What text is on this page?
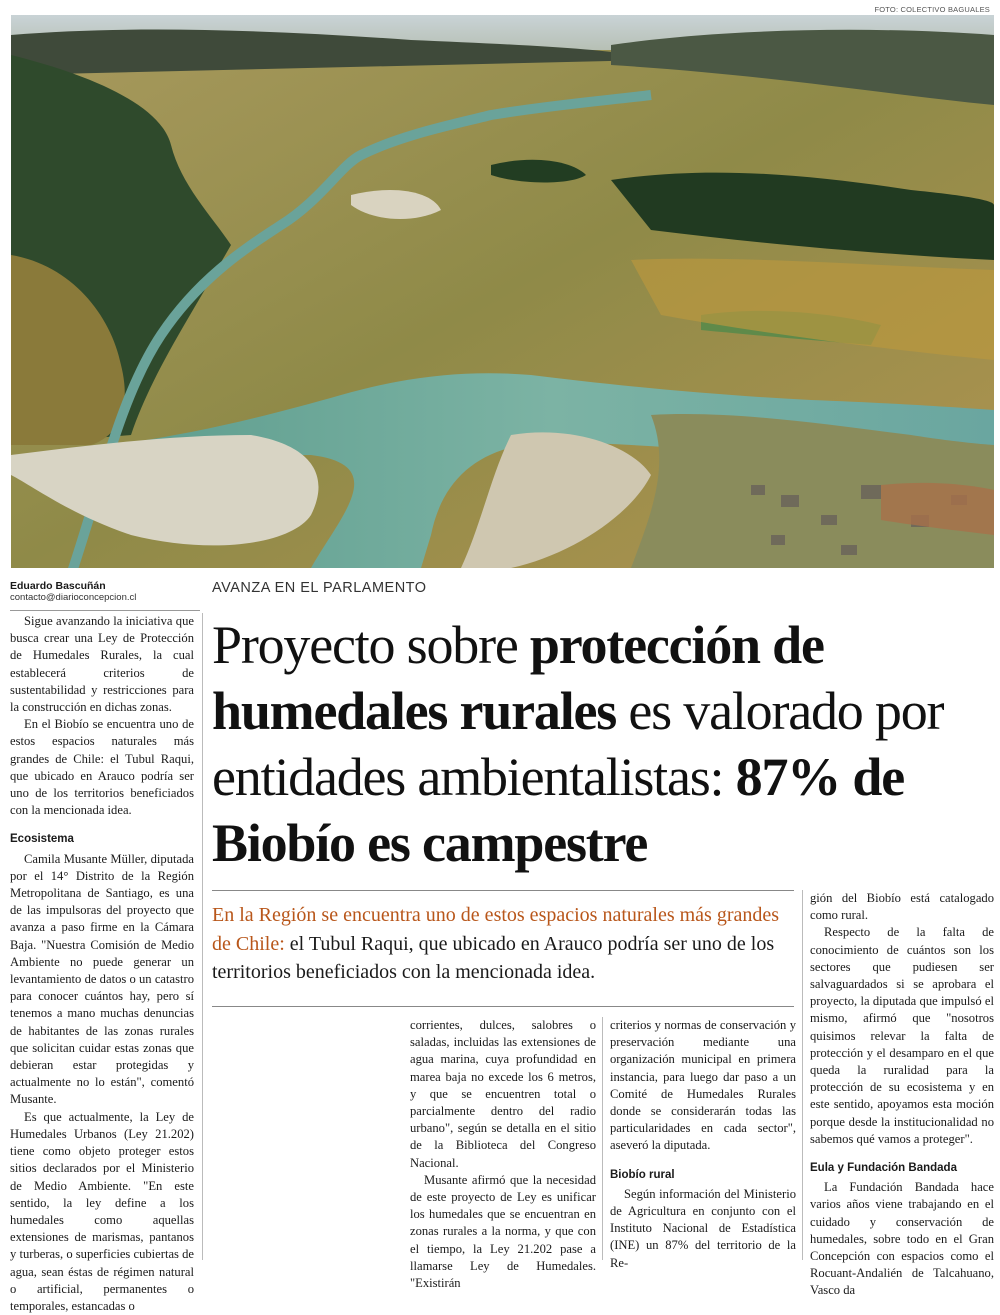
FOTO: COLECTIVO BAGUALES
Eduardo Bascuñán
contacto@diarioconcepcion.cl
AVANZA EN EL PARLAMENTO
Proyecto sobre protección de humedales rurales es valorado por entidades ambientalistas: 87% de Biobío es campestre

Sigue avanzando la iniciativa que busca crear una Ley de Protección de Humedales Rurales, la cual establecerá criterios de sustentabilidad y restricciones para la construcción en dichas zonas.

En el Biobío se encuentra uno de estos espacios naturales más grandes de Chile: el Tubul Raqui, que ubicado en Arauco podría ser uno de los territorios beneficiados con la mencionada idea.

Ecosistema

Camila Musante Müller, diputada por el 14° Distrito de la Región Metropolitana de Santiago, es una de las impulsoras del proyecto que avanza a paso firme en la Cámara Baja. "Nuestra Comisión de Medio Ambiente no puede generar un levantamiento de datos o un catastro para conocer cuántos hay, pero sí tenemos a mano muchas denuncias de habitantes de las zonas rurales que solicitan cuidar estas zonas que debieran estar protegidas y actualmente no lo están", comentó Musante.

Es que actualmente, la Ley de Humedales Urbanos (Ley 21.202) tiene como objeto proteger estos sitios declarados por el Ministerio de Medio Ambiente. "En este sentido, la ley define a los humedales como aquellas extensiones de marismas, pantanos y turberas, o superficies cubiertas de agua, sean éstas de régimen natural o artificial, permanentes o temporales, estancadas o

En la Región se encuentra uno de estos espacios naturales más grandes de Chile: el Tubul Raqui, que ubicado en Arauco podría ser uno de los territorios beneficiados con la mencionada idea.

corrientes, dulces, salobres o saladas, incluidas las extensiones de agua marina, cuya profundidad en marea baja no excede los 6 metros, y que se encuentren total o parcialmente dentro del radio urbano", según se detalla en el sitio de la Biblioteca del Congreso Nacional.

Musante afirmó que la necesidad de este proyecto de Ley es unificar los humedales que se encuentran en zonas rurales a la norma, y que con el tiempo, la Ley 21.202 pase a llamarse Ley de Humedales. "Existirán

criterios y normas de conservación y preservación mediante una organización municipal en primera instancia, para luego dar paso a un Comité de Humedales Rurales donde se considerarán todas las particularidades en cada sector", aseveró la diputada.

Biobío rural

Según información del Ministerio de Agricultura en conjunto con el Instituto Nacional de Estadística (INE) un 87% del territorio de la Re-

gión del Biobío está catalogado como rural.

Respecto de la falta de conocimiento de cuántos son los sectores que pudiesen ser salvaguardados si se aprobara el proyecto, la diputada que impulsó el mismo, afirmó que "nosotros quisimos relevar la falta de protección y el desamparo en el que queda la ruralidad para la protección de su ecosistema y en este sentido, apoyamos esta moción porque desde la institucionalidad no sabemos qué vamos a proteger".

Eula y Fundación Bandada

La Fundación Bandada hace varios años viene trabajando en el cuidado y conservación de humedales, sobre todo en el Gran Concepción con espacios como el Rocuant-Andalién de Talcahuano, Vasco da
